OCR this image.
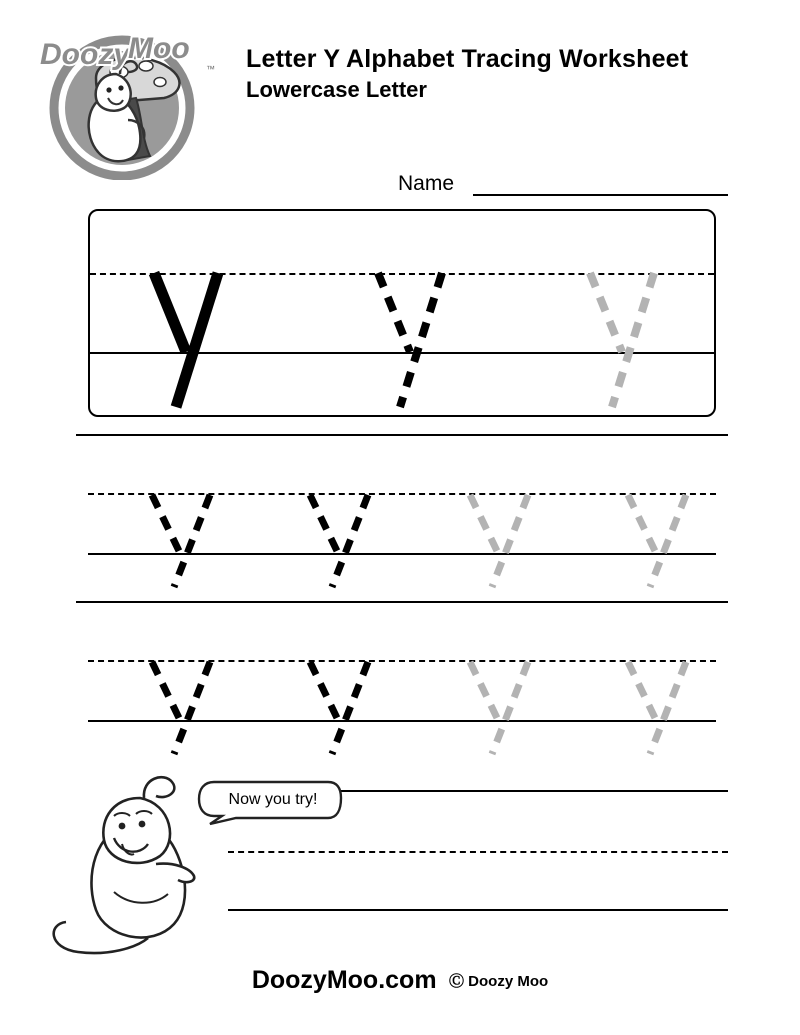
Doozy
Moo
™ Letter Y Alphabet Tracing Worksheet
Lowercase Letter
Name
Now you try!
DoozyMoo.com Ⓒ Doozy Moo
